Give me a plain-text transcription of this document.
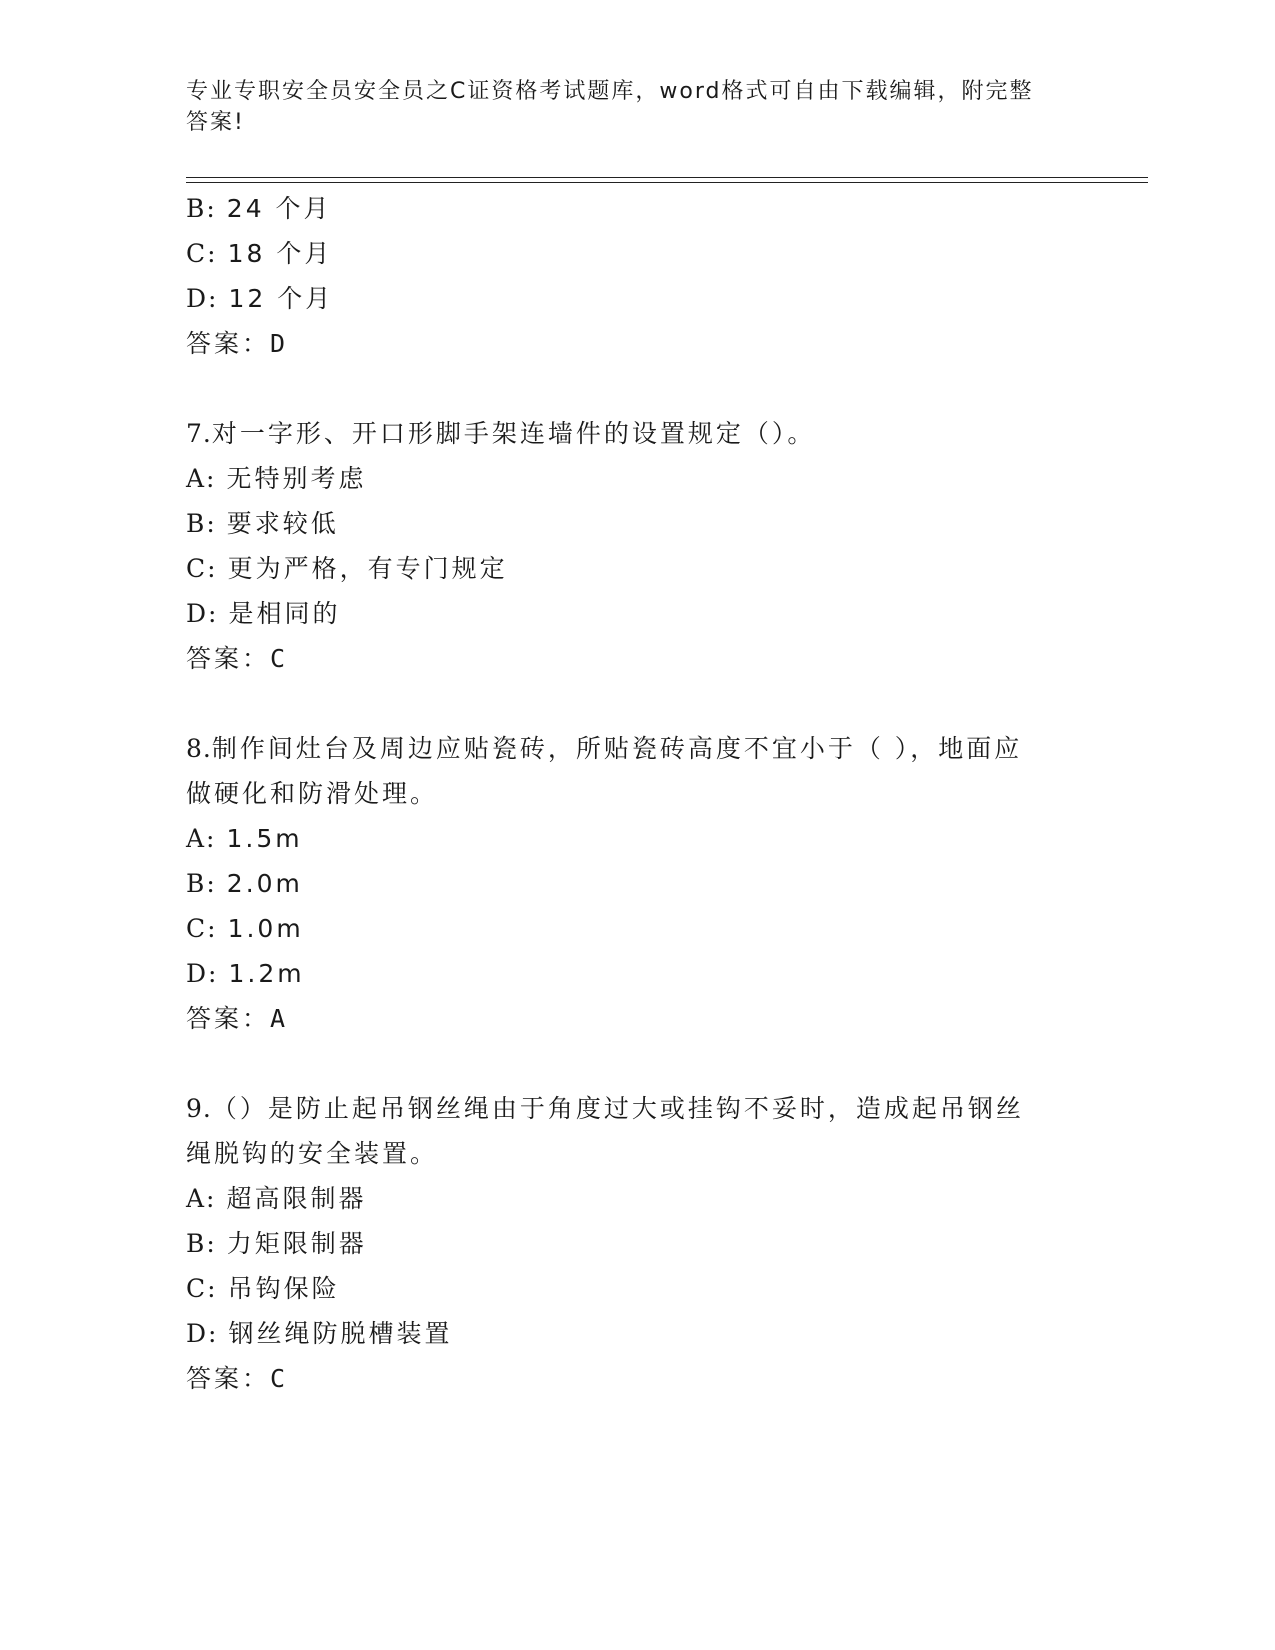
专业专职安全员安全员之C证资格考试题库，word格式可自由下载编辑，附完整
答案!
B: 24 个月
C: 18 个月
D: 12 个月
答案：D
7.对一字形、开口形脚手架连墙件的设置规定（）。
A: 无特别考虑
B: 要求较低
C: 更为严格，有专门规定
D: 是相同的
答案：C
8.制作间灶台及周边应贴瓷砖，所贴瓷砖高度不宜小于（ ），地面应
做硬化和防滑处理。
A: 1.5m
B: 2.0m
C: 1.0m
D: 1.2m
答案：A
9.（）是防止起吊钢丝绳由于角度过大或挂钩不妥时，造成起吊钢丝
绳脱钩的安全装置。
A: 超高限制器
B: 力矩限制器
C: 吊钩保险
D: 钢丝绳防脱槽装置
答案：C
